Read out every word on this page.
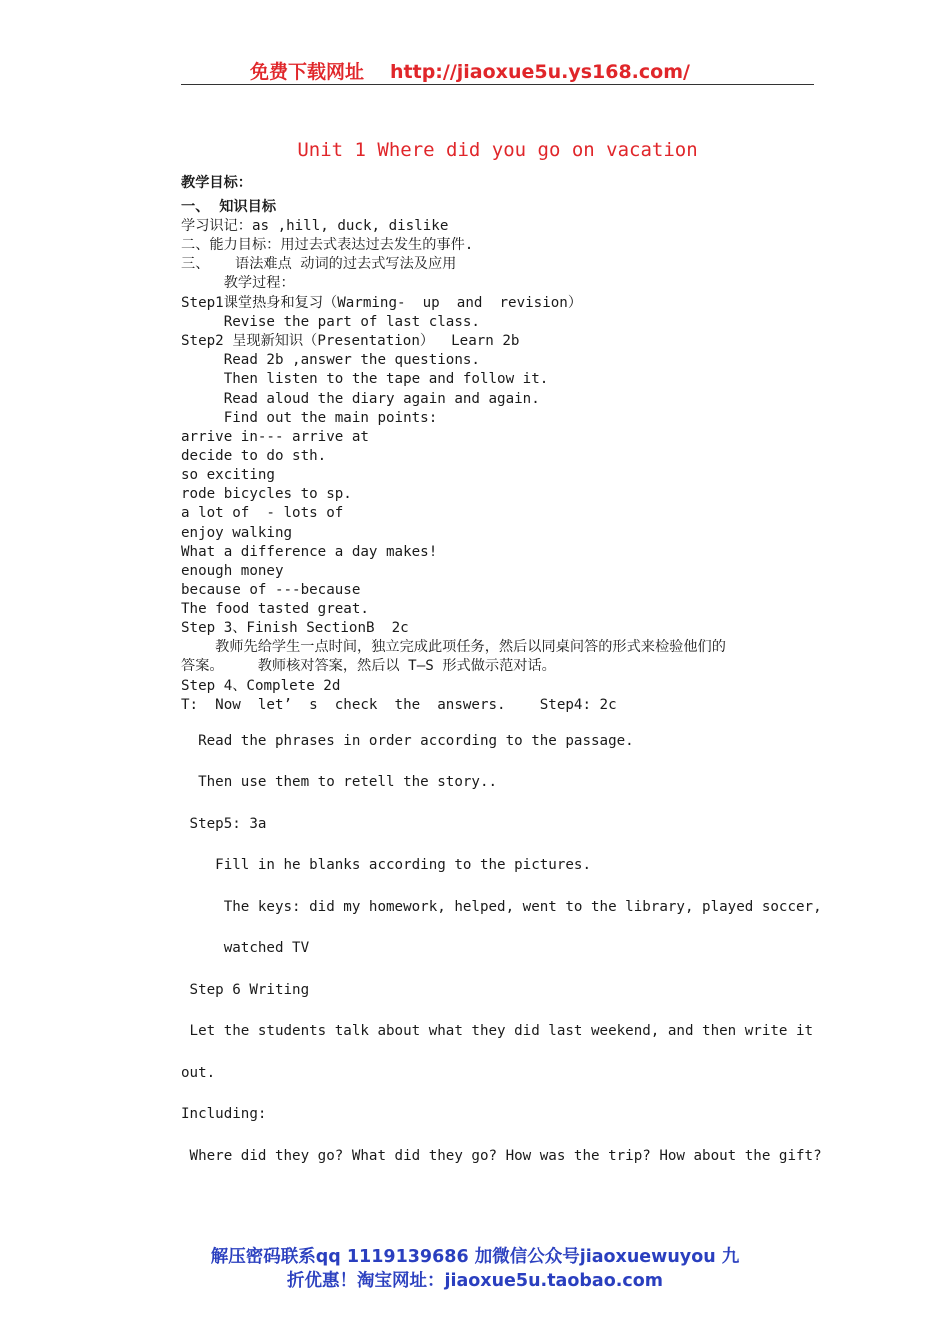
免费下载网址 http://jiaoxue5u.ys168.com/
Unit 1 Where did you go on vacation
教学目标：
一、  知识目标
学习识记：as ,hill, duck, dislike
二、能力目标：用过去式表达过去发生的事件.
三、   语法难点 动词的过去式写法及应用
教学过程：
Step1课堂热身和复习（Warming-  up  and  revision）
Revise the part of last class.
Step2 呈现新知识（Presentation）  Learn 2b
Read 2b ,answer the questions.
Then listen to the tape and follow it.
Read aloud the diary again and again.
Find out the main points:
arrive in--- arrive at
decide to do sth.
so exciting
rode bicycles to sp.
a lot of  - lots of
enjoy walking
What a difference a day makes!
enough money
because of ---because
The food tasted great.
Step 3、Finish SectionB  2c
教师先给学生一点时间，独立完成此项任务，然后以同桌问答的形式来检验他们的
答案。    教师核对答案，然后以 T—S 形式做示范对话。
Step 4、Complete 2d
T:  Now  let’  s  check  the  answers.    Step4: 2c
Read the phrases in order according to the passage.
Then use them to retell the story..
Step5: 3a
Fill in he blanks according to the pictures.
The keys: did my homework, helped, went to the library, played soccer,
watched TV
Step 6 Writing
Let the students talk about what they did last weekend, and then write it
out.
Including:
Where did they go? What did they go? How was the trip? How about the gift?
解压密码联系qq 1119139686 加微信公众号jiaoxuewuyou 九
折优惠！淘宝网址：jiaoxue5u.taobao.com
